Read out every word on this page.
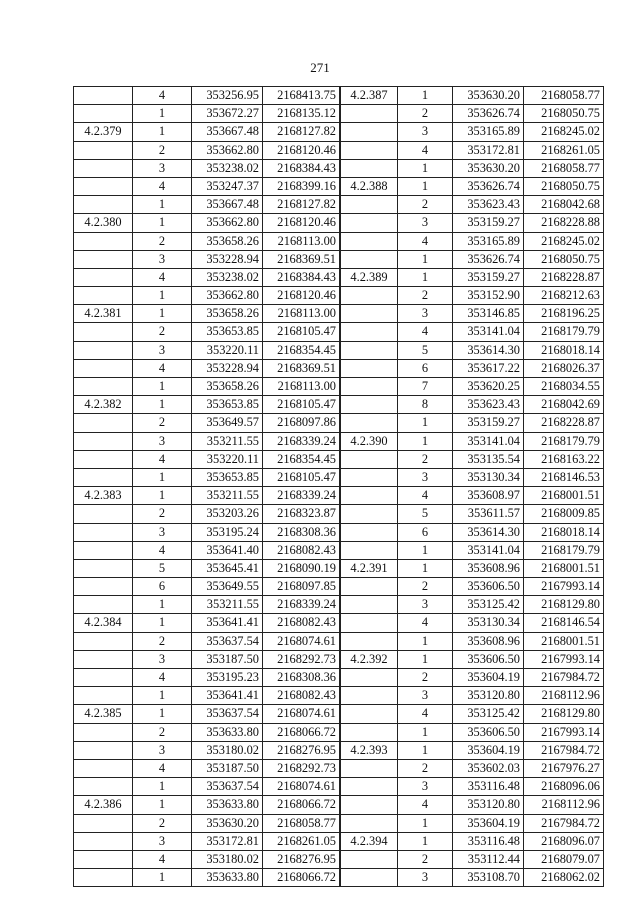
271
	4	353256.95	2168413.75
	1	353672.27	2168135.12
4.2.379	1	353667.48	2168127.82
	2	353662.80	2168120.46
	3	353238.02	2168384.43
	4	353247.37	2168399.16
	1	353667.48	2168127.82
4.2.380	1	353662.80	2168120.46
	2	353658.26	2168113.00
	3	353228.94	2168369.51
	4	353238.02	2168384.43
	1	353662.80	2168120.46
4.2.381	1	353658.26	2168113.00
	2	353653.85	2168105.47
	3	353220.11	2168354.45
	4	353228.94	2168369.51
	1	353658.26	2168113.00
4.2.382	1	353653.85	2168105.47
	2	353649.57	2168097.86
	3	353211.55	2168339.24
	4	353220.11	2168354.45
	1	353653.85	2168105.47
4.2.383	1	353211.55	2168339.24
	2	353203.26	2168323.87
	3	353195.24	2168308.36
	4	353641.40	2168082.43
	5	353645.41	2168090.19
	6	353649.55	2168097.85
	1	353211.55	2168339.24
4.2.384	1	353641.41	2168082.43
	2	353637.54	2168074.61
	3	353187.50	2168292.73
	4	353195.23	2168308.36
	1	353641.41	2168082.43
4.2.385	1	353637.54	2168074.61
	2	353633.80	2168066.72
	3	353180.02	2168276.95
	4	353187.50	2168292.73
	1	353637.54	2168074.61
4.2.386	1	353633.80	2168066.72
	2	353630.20	2168058.77
	3	353172.81	2168261.05
	4	353180.02	2168276.95
	1	353633.80	2168066.72
4.2.387	1	353630.20	2168058.77
	2	353626.74	2168050.75
	3	353165.89	2168245.02
	4	353172.81	2168261.05
	1	353630.20	2168058.77
4.2.388	1	353626.74	2168050.75
	2	353623.43	2168042.68
	3	353159.27	2168228.88
	4	353165.89	2168245.02
	1	353626.74	2168050.75
4.2.389	1	353159.27	2168228.87
	2	353152.90	2168212.63
	3	353146.85	2168196.25
	4	353141.04	2168179.79
	5	353614.30	2168018.14
	6	353617.22	2168026.37
	7	353620.25	2168034.55
	8	353623.43	2168042.69
	1	353159.27	2168228.87
4.2.390	1	353141.04	2168179.79
	2	353135.54	2168163.22
	3	353130.34	2168146.53
	4	353608.97	2168001.51
	5	353611.57	2168009.85
	6	353614.30	2168018.14
	1	353141.04	2168179.79
4.2.391	1	353608.96	2168001.51
	2	353606.50	2167993.14
	3	353125.42	2168129.80
	4	353130.34	2168146.54
	1	353608.96	2168001.51
4.2.392	1	353606.50	2167993.14
	2	353604.19	2167984.72
	3	353120.80	2168112.96
	4	353125.42	2168129.80
	1	353606.50	2167993.14
4.2.393	1	353604.19	2167984.72
	2	353602.03	2167976.27
	3	353116.48	2168096.06
	4	353120.80	2168112.96
	1	353604.19	2167984.72
4.2.394	1	353116.48	2168096.07
	2	353112.44	2168079.07
	3	353108.70	2168062.02
